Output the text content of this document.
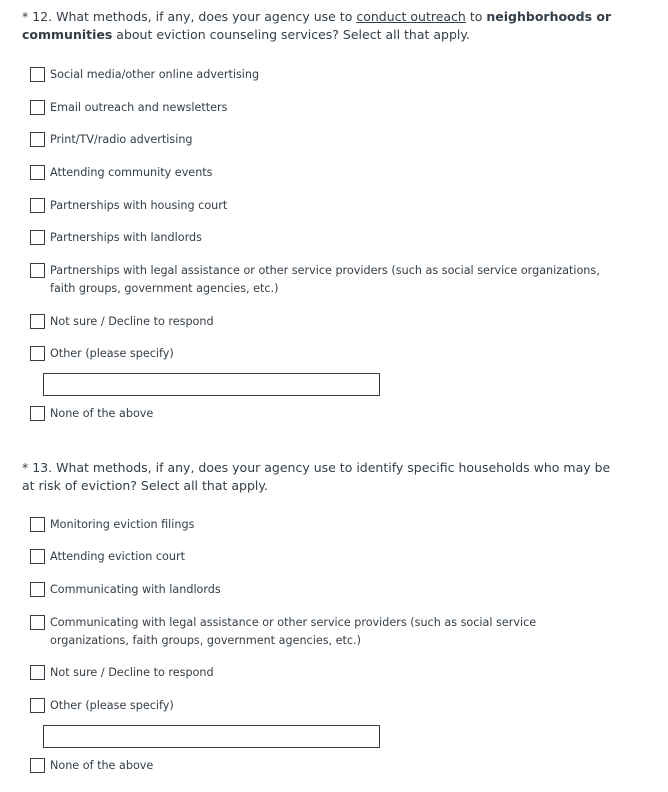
* 12. What methods, if any, does your agency use to conduct outreach to neighborhoods or communities about eviction counseling services? Select all that apply.

Social media/other online advertising
Email outreach and newsletters
Print/TV/radio advertising
Attending community events
Partnerships with housing court
Partnerships with landlords
Partnerships with legal assistance or other service providers (such as social service organizations, faith groups, government agencies, etc.)
Not sure / Decline to respond
Other (please specify)
None of the above

* 13. What methods, if any, does your agency use to identify specific households who may be at risk of eviction? Select all that apply.

Monitoring eviction filings
Attending eviction court
Communicating with landlords
Communicating with legal assistance or other service providers (such as social service organizations, faith groups, government agencies, etc.)
Not sure / Decline to respond
Other (please specify)
None of the above
